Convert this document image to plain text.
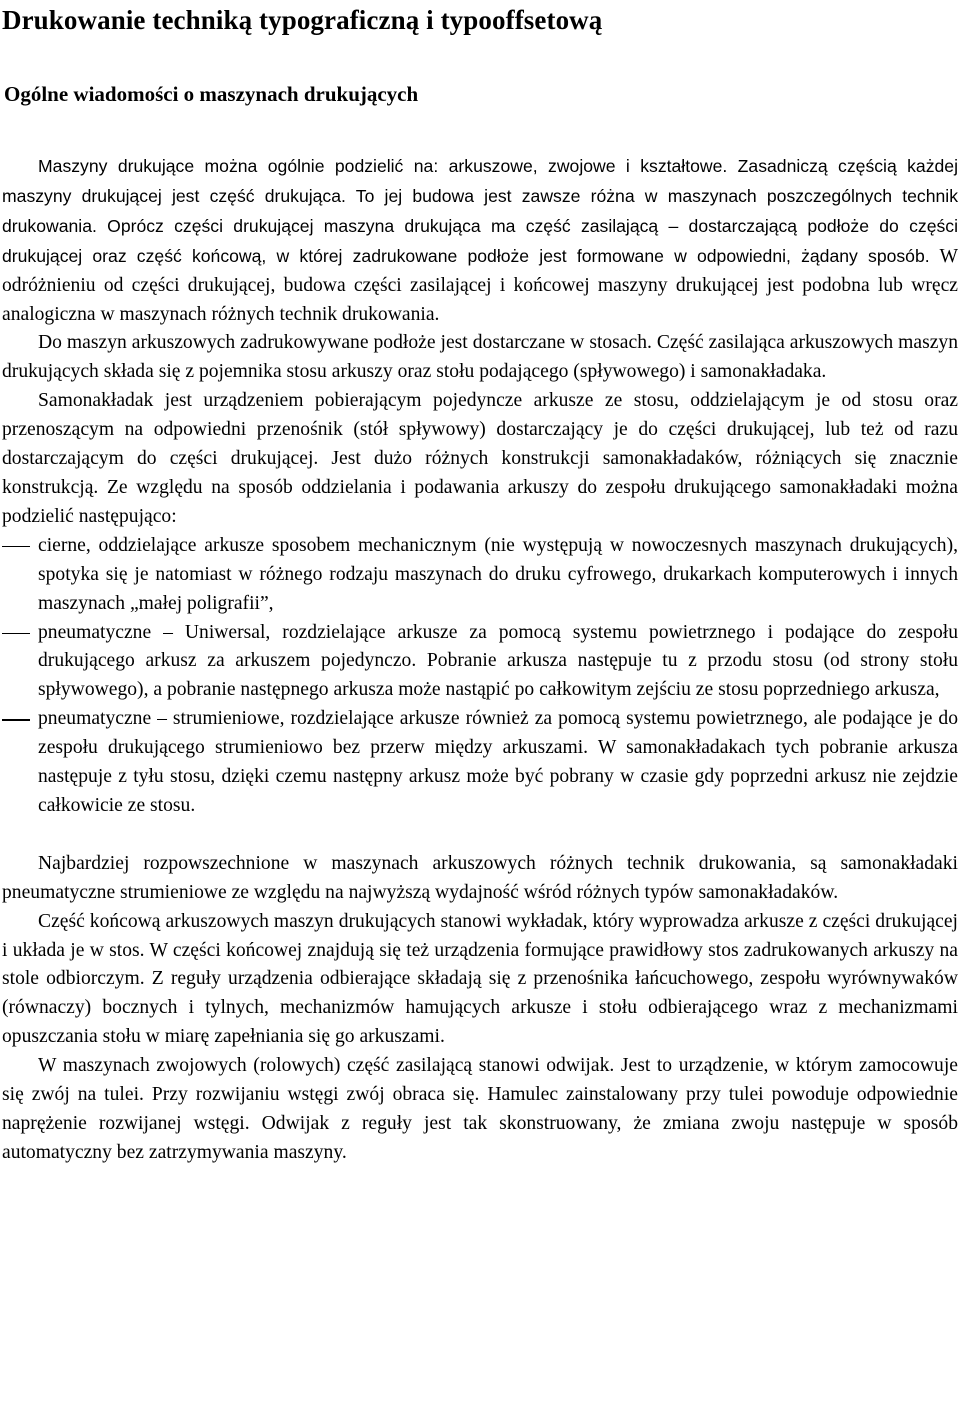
Drukowanie techniką typograficzną i typooffsetową
Ogólne wiadomości o maszynach drukujących

Maszyny drukujące można ogólnie podzielić na: arkuszowe, zwojowe i kształtowe. Zasadniczą częścią każdej maszyny drukującej jest część drukująca. To jej budowa jest zawsze różna w maszynach poszczególnych technik drukowania. Oprócz części drukującej maszyna drukująca ma część zasilającą – dostarczającą podłoże do części drukującej oraz część końcową, w której zadrukowane podłoże jest formowane w odpowiedni, żądany sposób. W odróżnieniu od części drukującej, budowa części zasilającej i końcowej maszyny drukującej jest podobna lub wręcz analogiczna w maszynach różnych technik drukowania.

Do maszyn arkuszowych zadrukowywane podłoże jest dostarczane w stosach. Część zasilająca arkuszowych maszyn drukujących składa się z pojemnika stosu arkuszy oraz stołu podającego (spływowego) i samonakładaka.

Samonakładak jest urządzeniem pobierającym pojedyncze arkusze ze stosu, oddzielającym je od stosu oraz przenoszącym na odpowiedni przenośnik (stół spływowy) dostarczający je do części drukującej, lub też od razu dostarczającym do części drukującej. Jest dużo różnych konstrukcji samonakładaków, różniących się znacznie konstrukcją. Ze względu na sposób oddzielania i podawania arkuszy do zespołu drukującego samonakładaki można podzielić następująco:

cierne, oddzielające arkusze sposobem mechanicznym (nie występują w nowoczesnych maszynach drukujących), spotyka się je natomiast w różnego rodzaju maszynach do druku cyfrowego, drukarkach komputerowych i innych maszynach „małej poligrafii”,
pneumatyczne – Uniwersal, rozdzielające arkusze za pomocą systemu powietrznego i podające do zespołu drukującego arkusz za arkuszem pojedynczo. Pobranie arkusza następuje tu z przodu stosu (od strony stołu spływowego), a pobranie następnego arkusza może nastąpić po całkowitym zejściu ze stosu poprzedniego arkusza,
pneumatyczne – strumieniowe, rozdzielające arkusze również za pomocą systemu powietrznego, ale podające je do zespołu drukującego strumieniowo bez przerw między arkuszami. W samonakładakach tych pobranie arkusza następuje z tyłu stosu, dzięki czemu następny arkusz może być pobrany w czasie gdy poprzedni arkusz nie zejdzie całkowicie ze stosu.

Najbardziej rozpowszechnione w maszynach arkuszowych różnych technik drukowania, są samonakładaki pneumatyczne strumieniowe ze względu na najwyższą wydajność wśród różnych typów samonakładaków.

Część końcową arkuszowych maszyn drukujących stanowi wykładak, który wyprowadza arkusze z części drukującej i układa je w stos. W części końcowej znajdują się też urządzenia formujące prawidłowy stos zadrukowanych arkuszy na stole odbiorczym. Z reguły urządzenia odbierające składają się z przenośnika łańcuchowego, zespołu wyrównywaków (równaczy) bocznych i tylnych, mechanizmów hamujących arkusze i stołu odbierającego wraz z mechanizmami opuszczania stołu w miarę zapełniania się go arkuszami.

W maszynach zwojowych (rolowych) część zasilającą stanowi odwijak. Jest to urządzenie, w którym zamocowuje się zwój na tulei. Przy rozwijaniu wstęgi zwój obraca się. Hamulec zainstalowany przy tulei powoduje odpowiednie naprężenie rozwijanej wstęgi. Odwijak z reguły jest tak skonstruowany, że zmiana zwoju następuje w sposób automatyczny bez zatrzymywania maszyny.
